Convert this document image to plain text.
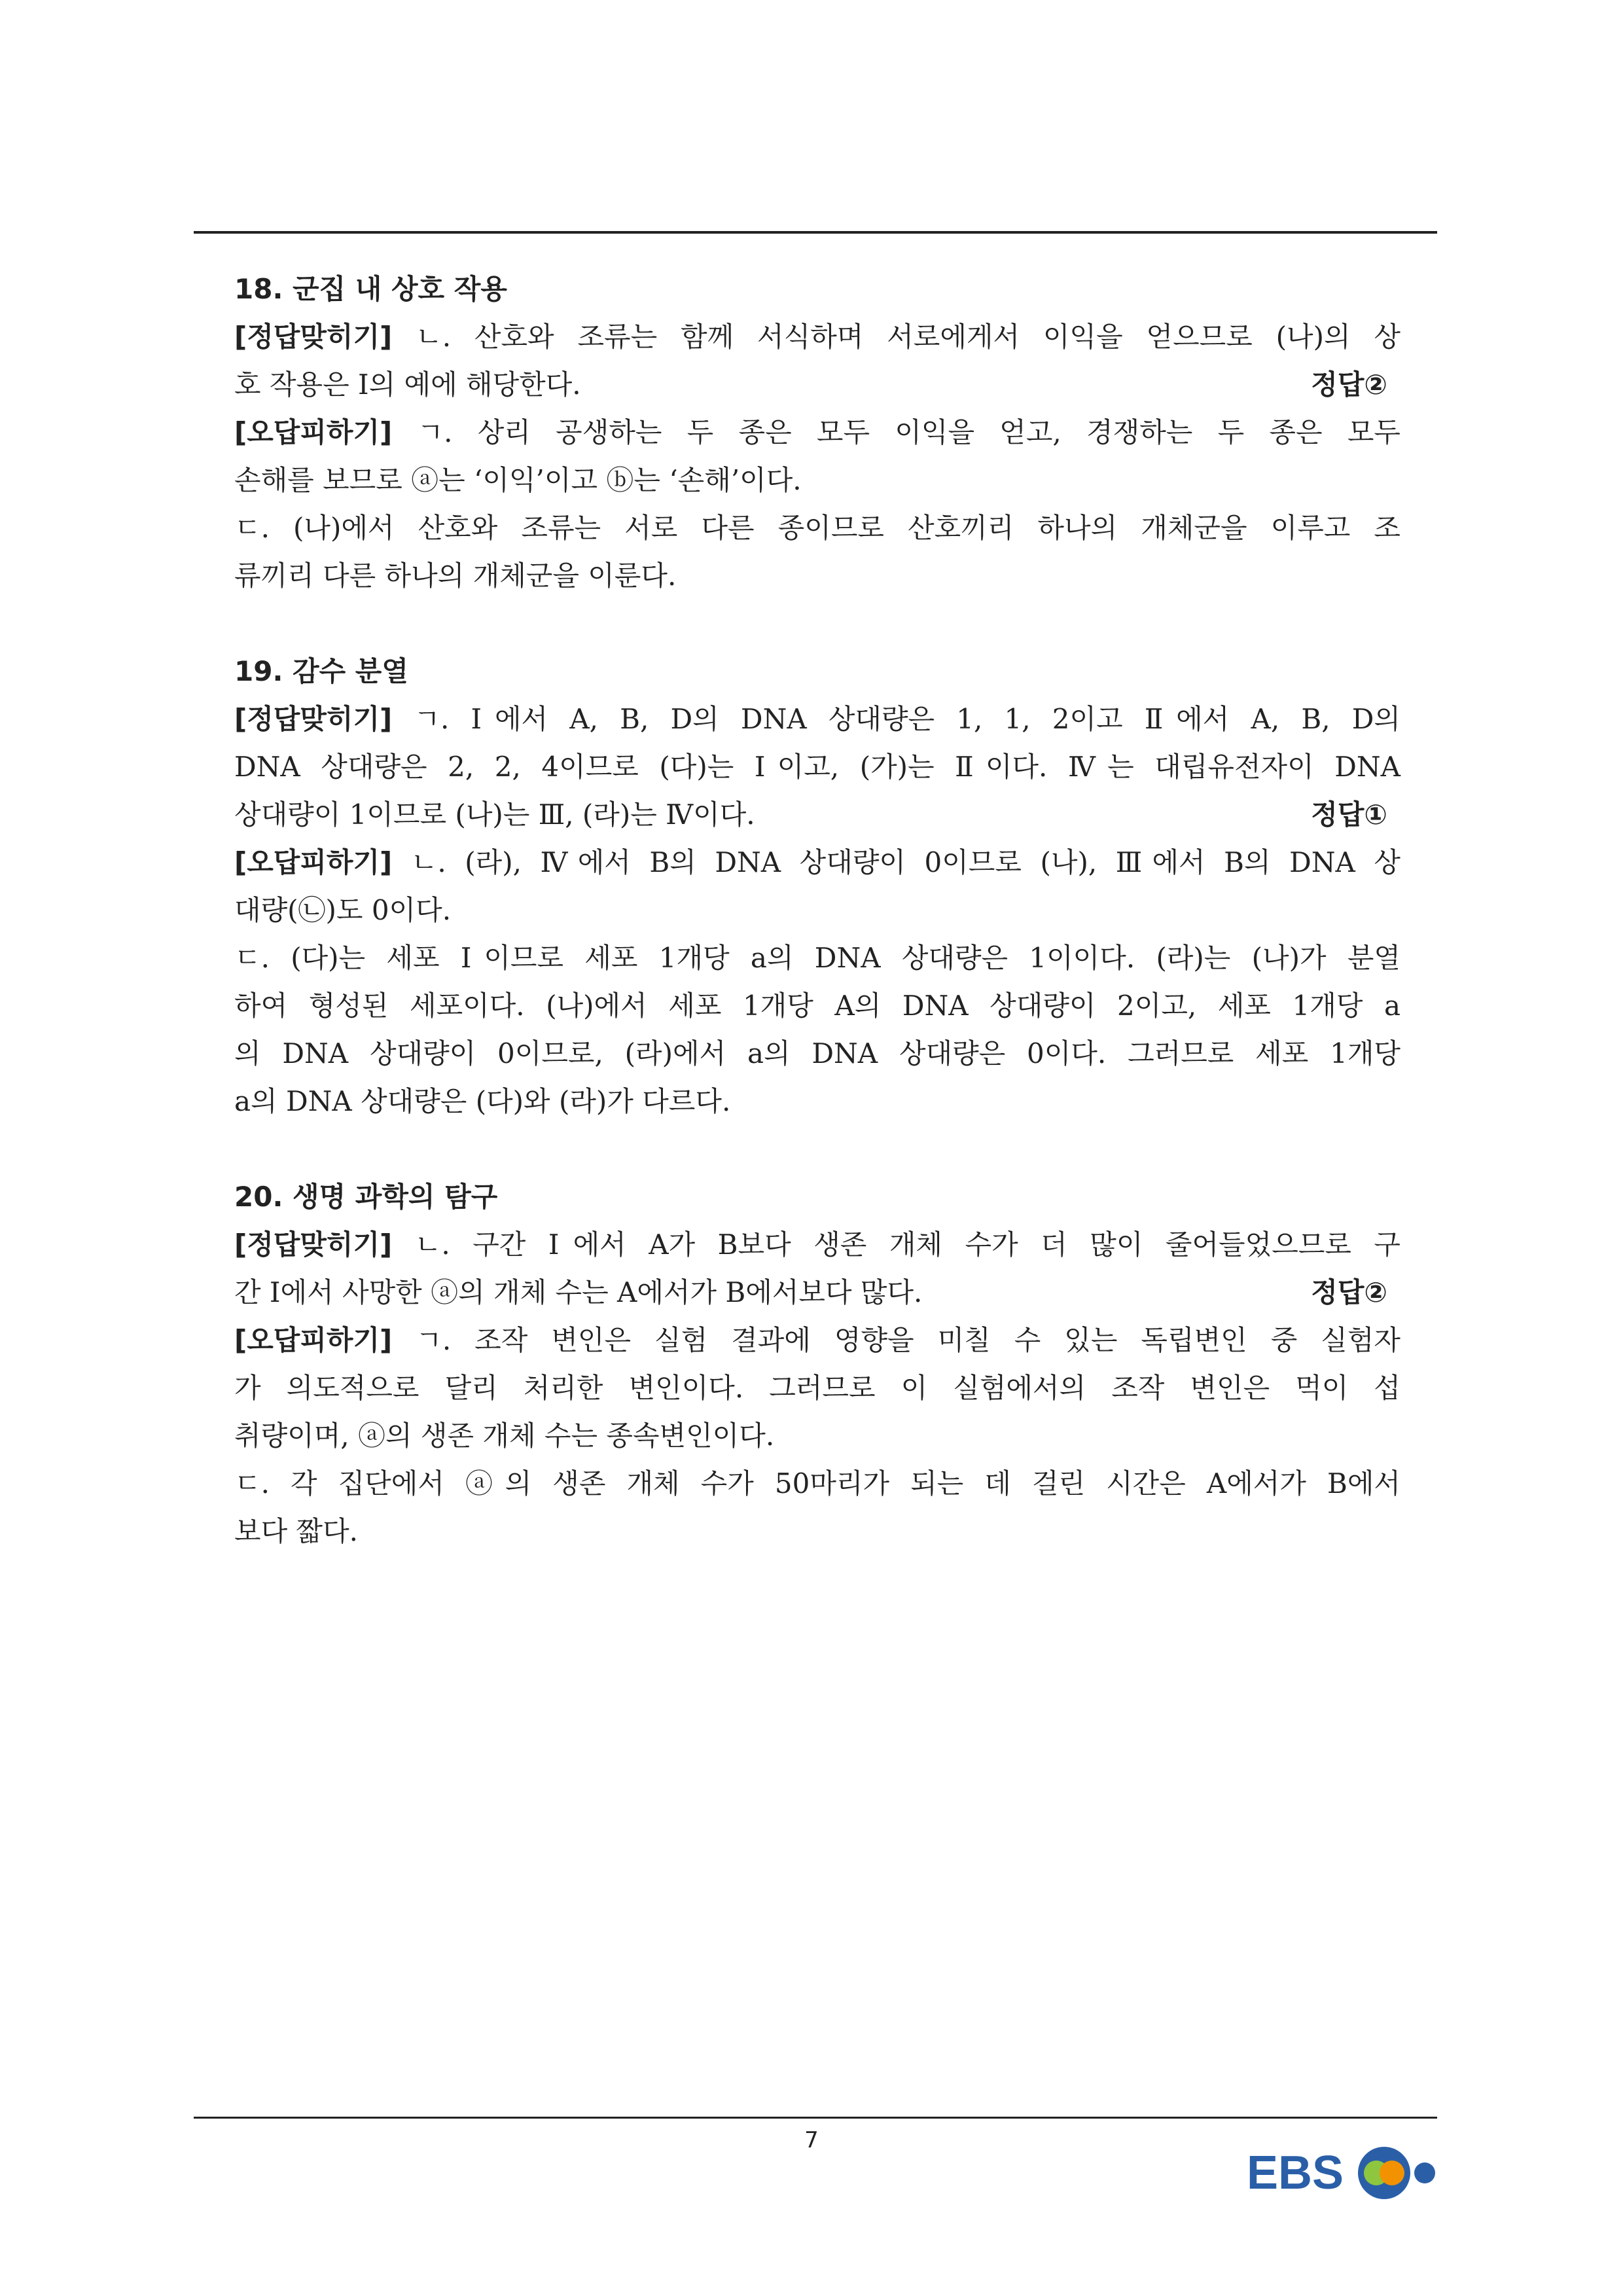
18. 군집 내 상호 작용
[정답맞히기] ㄴ. 산호와 조류는 함께 서식하며 서로에게서 이익을 얻으므로 (나)의 상
호 작용은 Ⅰ의 예에 해당한다.	정답②
[오답피하기] ㄱ. 상리 공생하는 두 종은 모두 이익을 얻고, 경쟁하는 두 종은 모두
손해를 보므로 ⓐ는 ‘이익’이고 ⓑ는 ‘손해’이다.
ㄷ. (나)에서 산호와 조류는 서로 다른 종이므로 산호끼리 하나의 개체군을 이루고 조
류끼리 다른 하나의 개체군을 이룬다.
19. 감수 분열
[정답맞히기] ㄱ. Ⅰ에서 A, B, D의 DNA 상대량은 1, 1, 2이고 Ⅱ에서 A, B, D의
DNA 상대량은 2, 2, 4이므로 (다)는 Ⅰ이고, (가)는 Ⅱ이다. Ⅳ는 대립유전자이 DNA
상대량이 1이므로 (나)는 Ⅲ, (라)는 Ⅳ이다.	정답①
[오답피하기] ㄴ. (라), Ⅳ에서 B의 DNA 상대량이 0이므로 (나), Ⅲ에서 B의 DNA 상
대량(㉡)도 0이다.
ㄷ. (다)는 세포 Ⅰ이므로 세포 1개당 a의 DNA 상대량은 1이이다. (라)는 (나)가 분열
하여 형성된 세포이다. (나)에서 세포 1개당 A의 DNA 상대량이 2이고, 세포 1개당 a
의 DNA 상대량이 0이므로, (라)에서 a의 DNA 상대량은 0이다. 그러므로 세포 1개당
a의 DNA 상대량은 (다)와 (라)가 다르다.
20. 생명 과학의 탐구
[정답맞히기] ㄴ. 구간 Ⅰ에서 A가 B보다 생존 개체 수가 더 많이 줄어들었으므로 구
간 Ⅰ에서 사망한 ⓐ의 개체 수는 A에서가 B에서보다 많다.	정답②
[오답피하기] ㄱ. 조작 변인은 실험 결과에 영향을 미칠 수 있는 독립변인 중 실험자
가 의도적으로 달리 처리한 변인이다. 그러므로 이 실험에서의 조작 변인은 먹이 섭
취량이며, ⓐ의 생존 개체 수는 종속변인이다.
ㄷ. 각 집단에서 ⓐ의 생존 개체 수가 50마리가 되는 데 걸린 시간은 A에서가 B에서
보다 짧다.
7
EBS
